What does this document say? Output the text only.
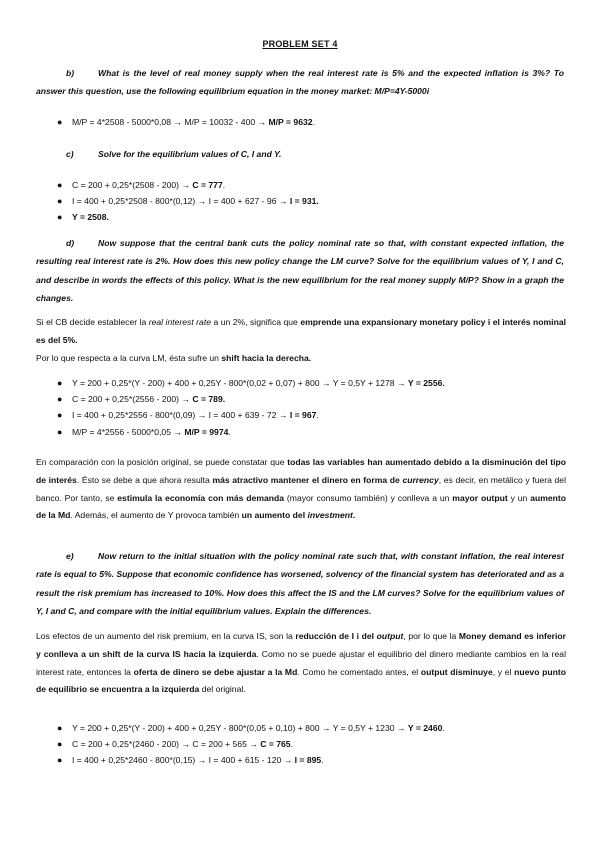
PROBLEM SET 4
b)	What is the level of real money supply when the real interest rate is 5% and the expected inflation is 3%? To answer this question, use the following equilibrium equation in the money market: M/P=4Y-5000i
● M/P = 4*2508 - 5000*0,08 → M/P = 10032 - 400 → M/P = 9632.
c)	Solve for the equilibrium values of C, I and Y.
● C = 200 + 0,25*(2508 - 200) → C = 777.
● I = 400 + 0,25*2508 - 800*(0,12) → I = 400 + 627 - 96 → I = 931.
● Y = 2508.
d)	Now suppose that the central bank cuts the policy nominal rate so that, with constant expected inflation, the resulting real interest rate is 2%. How does this new policy change the LM curve? Solve for the equilibrium values of Y, I and C, and describe in words the effects of this policy. What is the new equilibrium for the real money supply M/P? Show in a graph the changes.
Si el CB decide establecer la real interest rate a un 2%, significa que emprende una expansionary monetary policy i el interés nominal es del 5%.
Por lo que respecta a la curva LM, ésta sufre un shift hacia la derecha.
● Y = 200 + 0,25*(Y - 200) + 400 + 0,25Y - 800*(0,02 + 0,07) + 800 → Y = 0,5Y + 1278 → Y = 2556.
● C = 200 + 0,25*(2556 - 200) → C = 789.
● I = 400 + 0,25*2556 - 800*(0,09) → I = 400 + 639 - 72 → I = 967.
● M/P = 4*2556 - 5000*0,05 → M/P = 9974.
En comparación con la posición original, se puede constatar que todas las variables han aumentado debido a la disminución del tipo de interés. Ésto se debe a que ahora resulta más atractivo mantener el dinero en forma de currency, es decir, en metálico y fuera del banco. Por tanto, se estimula la economía con más demanda (mayor consumo también) y conlleva a un mayor output y un aumento de la Md. Además, el aumento de Y provoca también un aumento del investment.
e)	Now return to the initial situation with the policy nominal rate such that, with constant inflation, the real interest rate is equal to 5%. Suppose that economic confidence has worsened, solvency of the financial system has deteriorated and as a result the risk premium has increased to 10%. How does this affect the IS and the LM curves? Solve for the equilibrium values of Y, I and C, and compare with the initial equilibrium values. Explain the differences.
Los efectos de un aumento del risk premium, en la curva IS, son la reducción de I i del output, por lo que la Money demand es inferior y conlleva a un shift de la curva IS hacia la izquierda. Como no se puede ajustar el equilibrio del dinero mediante cambios en la real interest rate, entonces la oferta de dinero se debe ajustar a la Md. Como he comentado antes, el output disminuye, y el nuevo punto de equilibrio se encuentra a la izquierda del original.
● Y = 200 + 0,25*(Y - 200) + 400 + 0,25Y - 800*(0,05 + 0,10) + 800 → Y = 0,5Y + 1230 → Y = 2460.
● C = 200 + 0,25*(2460 - 200) → C = 200 + 565 → C = 765.
● I = 400 + 0,25*2460 - 800*(0,15) → I = 400 + 615 - 120 → I = 895.
